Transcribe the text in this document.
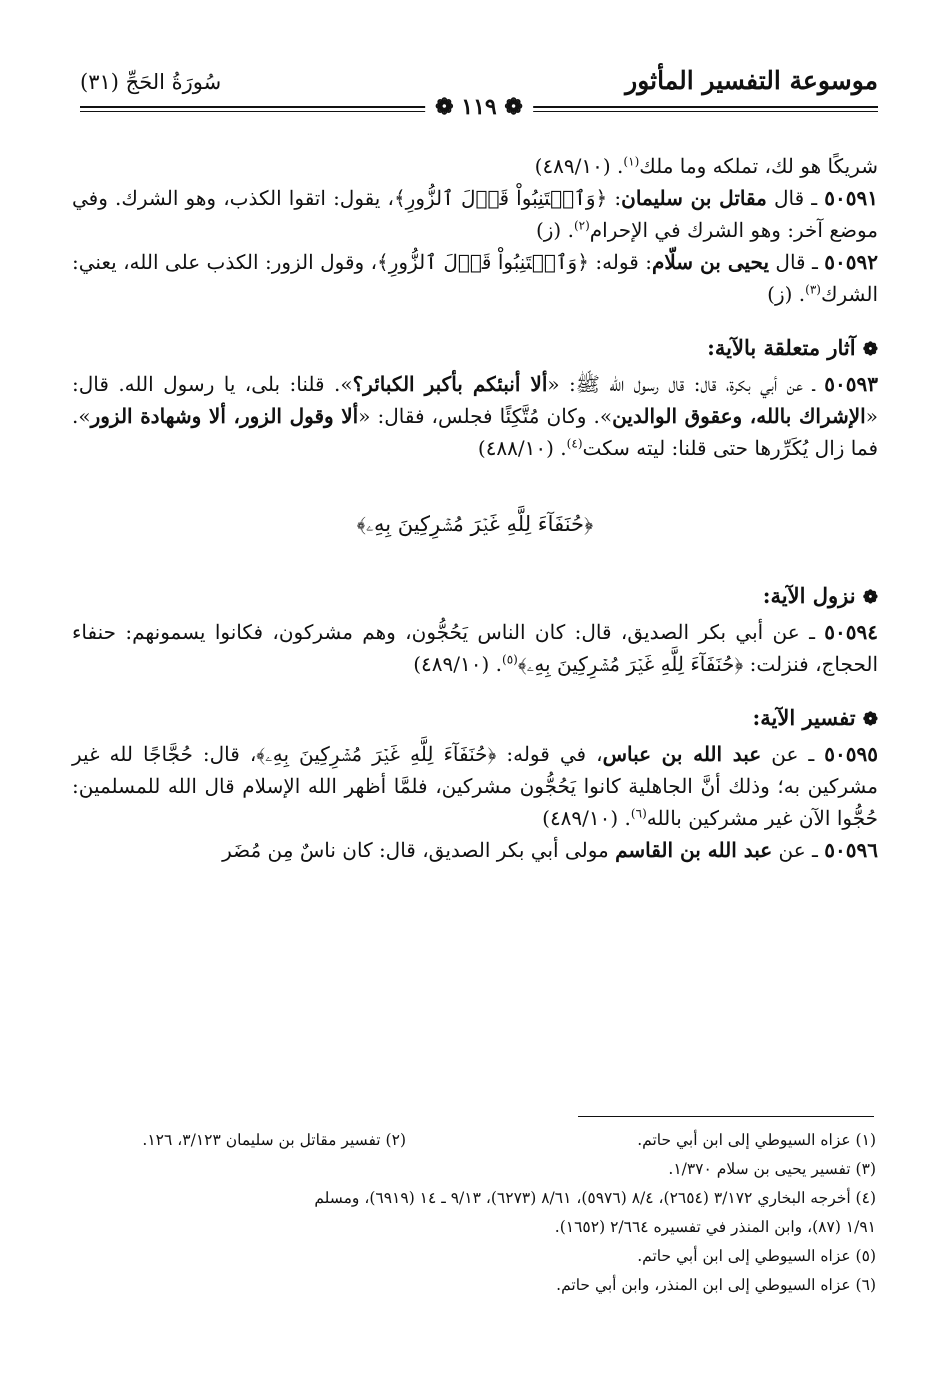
موسوعة التفسير المأثور
سُورَةُ الحَجِّ (٣١)
❁ ١١٩ ❁

شريكًا هو لك، تملكه وما ملك$^{(١)}$. (٤٨٩/١٠)

٥٠٥٩١ ـ قال مقاتل بن سليمان: ﴿وَٱجۡتَنِبُواْ قَوۡلَ ٱلزُّورِ﴾، يقول: اتقوا الكذب، وهو الشرك. وفي موضع آخر: وهو الشرك في الإحرام$^{(٢)}$. (ز)

٥٠٥٩٢ ـ قال يحيى بن سلّام: قوله: ﴿وَٱجۡتَنِبُواْ قَوۡلَ ٱلزُّورِ﴾، وقول الزور: الكذب على الله، يعني: الشرك$^{(٣)}$. (ز)

❁ آثار متعلقة بالآية:

٥٠٥٩٣ ـ عن أبي بكرة، قال: قال رسول الله ﷺ: «ألا أنبئكم بأكبر الكبائر؟». قلنا: بلى، يا رسول الله. قال: «الإشراك بالله، وعقوق الوالدين». وكان مُتَّكِئًا فجلس، فقال: «ألا وقول الزور، ألا وشهادة الزور». فما زال يُكَرِّرها حتى قلنا: ليته سكت$^{(٤)}$. (٤٨٨/١٠)

﴿حُنَفَآءَ لِلَّهِ غَيۡرَ مُشۡرِكِينَ بِهِۦ﴾
❁ نزول الآية:

٥٠٥٩٤ ـ عن أبي بكر الصديق، قال: كان الناس يَحُجُّون، وهم مشركون، فكانوا يسمونهم: حنفاء الحجاج، فنزلت: ﴿حُنَفَآءَ لِلَّهِ غَيۡرَ مُشۡرِكِينَ بِهِۦ﴾$^{(٥)}$. (٤٨٩/١٠)

❁ تفسير الآية:

٥٠٥٩٥ ـ عن عبد الله بن عباس، في قوله: ﴿حُنَفَآءَ لِلَّهِ غَيۡرَ مُشۡرِكِينَ بِهِۦ﴾، قال: حُجَّاجًا لله غير مشركين به؛ وذلك أنَّ الجاهلية كانوا يَحُجُّون مشركين، فلمَّا أظهر الله الإسلام قال الله للمسلمين: حُجُّوا الآن غير مشركين بالله$^{(٦)}$. (٤٨٩/١٠)

٥٠٥٩٦ ـ عن عبد الله بن القاسم مولى أبي بكر الصديق، قال: كان ناسٌ مِن مُضَر

(١) عزاه السيوطي إلى ابن أبي حاتم.
(٢) تفسير مقاتل بن سليمان ٣/١٢٣، ١٢٦.
(٣) تفسير يحيى بن سلام ١/٣٧٠.
(٤) أخرجه البخاري ٣/١٧٢ (٢٦٥٤)، ٨/٤ (٥٩٧٦)، ٨/٦١ (٦٢٧٣)، ٩/١٣ ـ ١٤ (٦٩١٩)، ومسلم
١/٩١ (٨٧)، وابن المنذر في تفسيره ٢/٦٦٤ (١٦٥٢).
(٥) عزاه السيوطي إلى ابن أبي حاتم.
(٦) عزاه السيوطي إلى ابن المنذر، وابن أبي حاتم.
